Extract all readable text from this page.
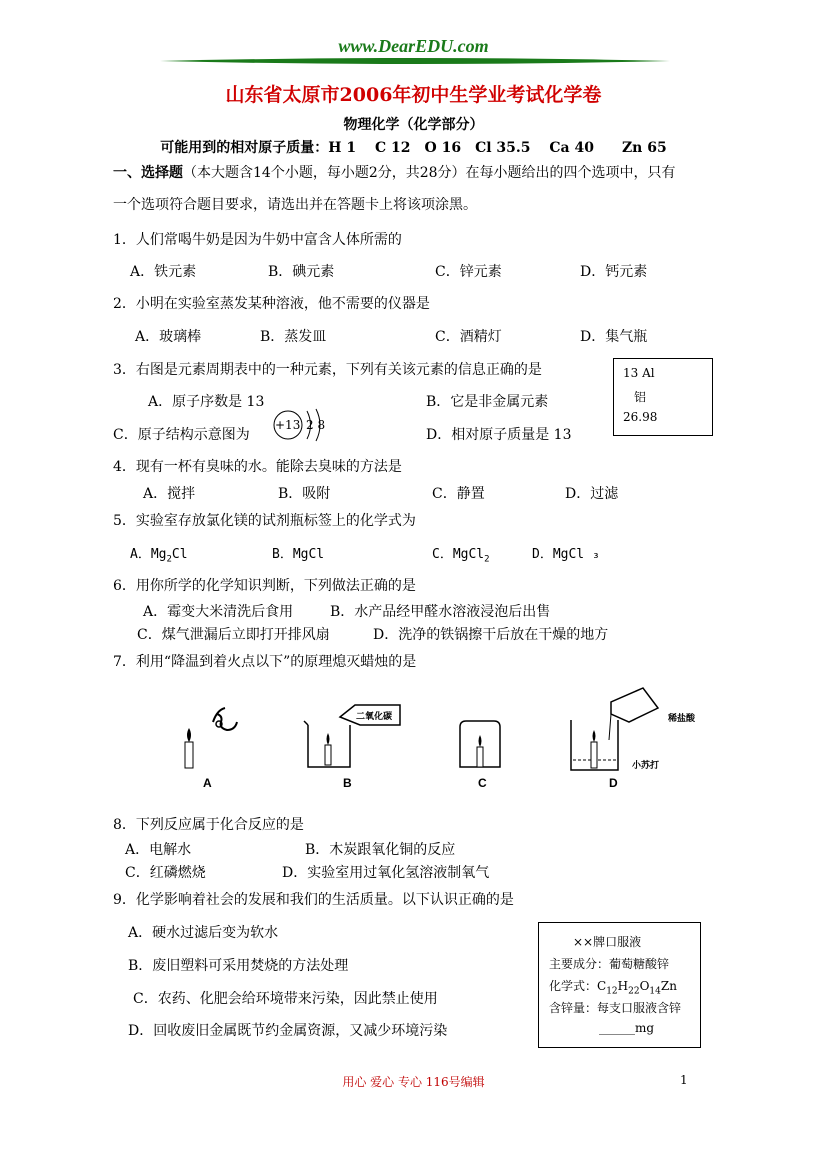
www.DearEDU.com
山东省太原市2006年初中生学业考试化学卷
物理化学（化学部分）
可能用到的相对原子质量：H 1　 C 12　O 16　Cl 35.5　 Ca 40　　Zn 65
一、选择题（本大题含14个小题，每小题2分，共28分）在每小题给出的四个选项中，只有
一个选项符合题目要求，请选出并在答题卡上将该项涂黑。
1．人们常喝牛奶是因为牛奶中富含人体所需的
A．铁元素	B．碘元素	C．锌元素	D．钙元素
2．小明在实验室蒸发某种溶液，他不需要的仪器是
A．玻璃棒	B．蒸发皿	C．酒精灯	D．集气瓶
3．右图是元素周期表中的一种元素，下列有关该元素的信息正确的是	13 Al
铝
26.98
A．原子序数是 13	B．它是非金属元素
C．原子结构示意图为
+13 2 8
D．相对原子质量是 13
4．现有一杯有臭味的水。能除去臭味的方法是
A．搅拌	B．吸附	C．静置	D．过滤
5．实验室存放氯化镁的试剂瓶标签上的化学式为
A．$Mg_2Cl$	B．MgCl	C．MgCl$_2$	D．MgCl ₃
6．用你所学的化学知识判断，下列做法正确的是
A．霉变大米清洗后食用	B．水产品经甲醛水溶液浸泡后出售
C．煤气泄漏后立即打开排风扇	D．洗净的铁锅擦干后放在干燥的地方
7．利用“降温到着火点以下”的原理熄灭蜡烛的是
A
二氧化碳
B	C
稀盐酸
小苏打
D
8．下列反应属于化合反应的是
A．电解水	B．木炭跟氧化铜的反应
C．红磷燃烧	D．实验室用过氧化氢溶液制氧气
9．化学影响着社会的发展和我们的生活质量。以下认识正确的是
A．硬水过滤后变为软水
B．废旧塑料可采用焚烧的方法处理
C．农药、化肥会给环境带来污染，因此禁止使用
D．回收废旧金属既节约金属资源，又减少环境污染
××牌口服液
主要成分：葡萄糖酸锌
化学式：$C_{12}H_{22}O_{14}Zn$
含锌量：每支口服液含锌
______mg
用心 爱心 专心 116号编辑	1
